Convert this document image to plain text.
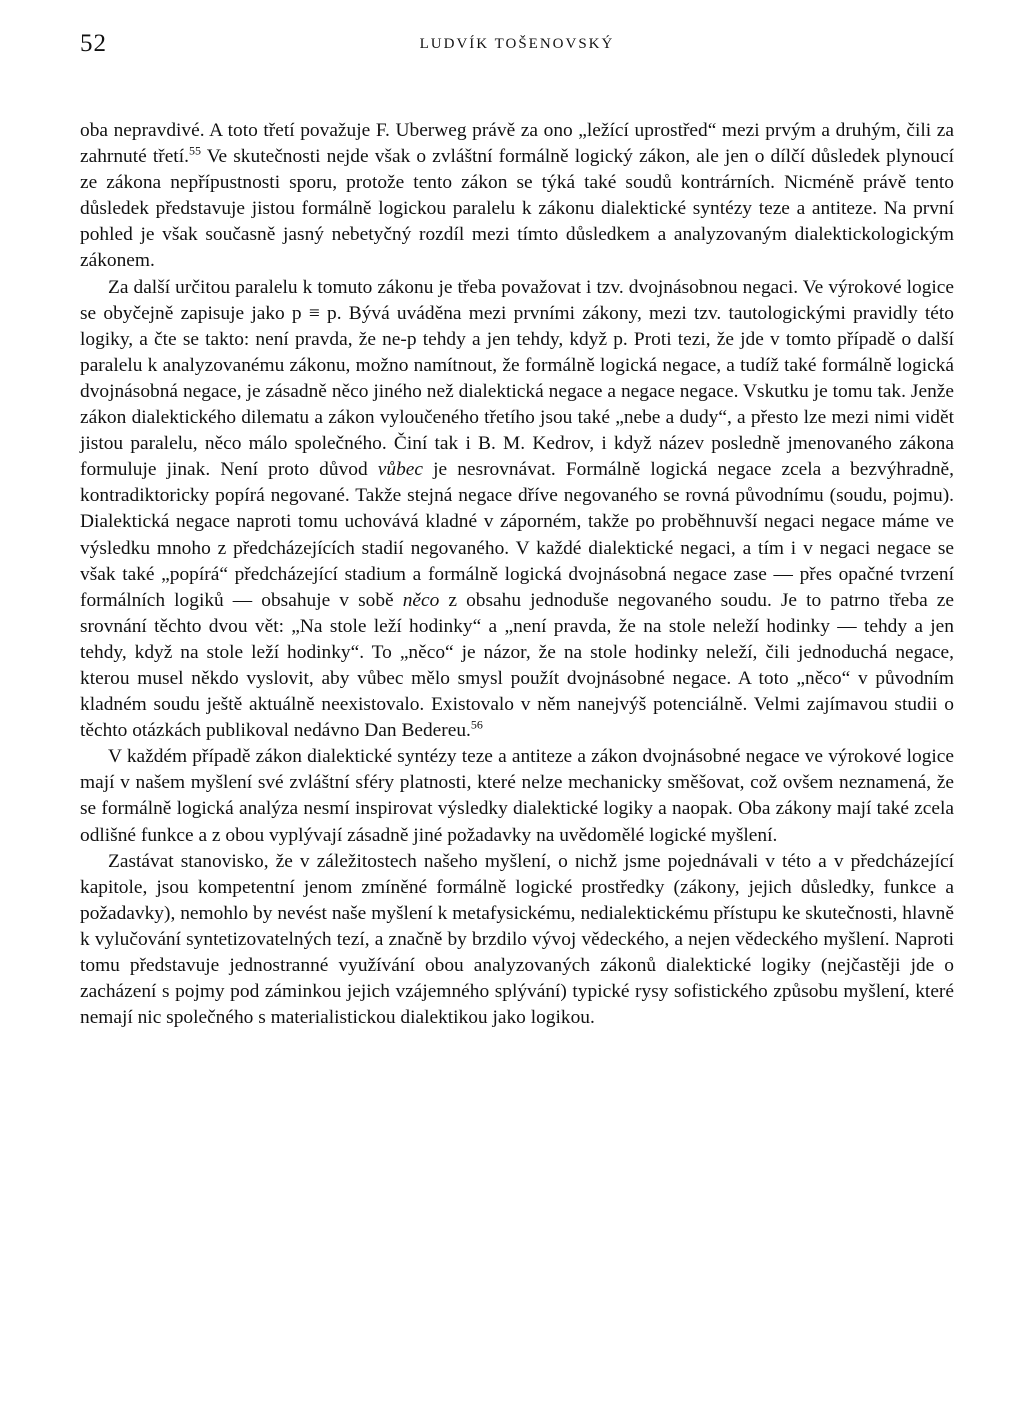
52	LUDVÍK TOŠENOVSKÝ

oba nepravdivé. A toto třetí považuje F. Uberweg právě za ono „ležící uprostřed“ mezi prvým a druhým, čili za zahrnuté třetí.$^{55}$ Ve skutečnosti nejde však o zvláštní formálně logický zákon, ale jen o dílčí důsledek plynoucí ze zákona nepřípustnosti sporu, protože tento zákon se týká také soudů kontrárních. Nicméně právě tento důsledek představuje jistou formálně logickou paralelu k zákonu dialektické syntézy teze a antiteze. Na první pohled je však současně jasný nebetyčný rozdíl mezi tímto důsledkem a analyzovaným dialektickologickým zákonem.

Za další určitou paralelu k tomuto zákonu je třeba považovat i tzv. dvojnásobnou negaci. Ve výrokové logice se obyčejně zapisuje jako p ≡ p. Bývá uváděna mezi prvními zákony, mezi tzv. tautologickými pravidly této logiky, a čte se takto: není pravda, že ne-p tehdy a jen tehdy, když p. Proti tezi, že jde v tomto případě o další paralelu k analyzovanému zákonu, možno namítnout, že formálně logická negace, a tudíž také formálně logická dvojnásobná negace, je zásadně něco jiného než dialektická negace a negace negace. Vskutku je tomu tak. Jenže zákon dialektického dilematu a zákon vyloučeného třetího jsou také „nebe a dudy“, a přesto lze mezi nimi vidět jistou paralelu, něco málo společného. Činí tak i B. M. Kedrov, i když název posledně jmenovaného zákona formuluje jinak. Není proto důvod vůbec je nesrovnávat. Formálně logická negace zcela a bezvýhradně, kontradiktoricky popírá negované. Takže stejná negace dříve negovaného se rovná původnímu (soudu, pojmu). Dialektická negace naproti tomu uchovává kladné v záporném, takže po proběhnuvší negaci negace máme ve výsledku mnoho z předcházejících stadií negovaného. V každé dialektické negaci, a tím i v negaci negace se však také „popírá“ předcházející stadium a formálně logická dvojnásobná negace zase — přes opačné tvrzení formálních logiků — obsahuje v sobě něco z obsahu jednoduše negovaného soudu. Je to patrno třeba ze srovnání těchto dvou vět: „Na stole leží hodinky“ a „není pravda, že na stole neleží hodinky — tehdy a jen tehdy, když na stole leží hodinky“. To „něco“ je názor, že na stole hodinky neleží, čili jednoduchá negace, kterou musel někdo vyslovit, aby vůbec mělo smysl použít dvojnásobné negace. A toto „něco“ v původním kladném soudu ještě aktuálně neexistovalo. Existovalo v něm nanejvýš potenciálně. Velmi zajímavou studii o těchto otázkách publikoval nedávno Dan Bedereu.$^{56}$

V každém případě zákon dialektické syntézy teze a antiteze a zákon dvojnásobné negace ve výrokové logice mají v našem myšlení své zvláštní sféry platnosti, které nelze mechanicky směšovat, což ovšem neznamená, že se formálně logická analýza nesmí inspirovat výsledky dialektické logiky a naopak. Oba zákony mají také zcela odlišné funkce a z obou vyplývají zásadně jiné požadavky na uvědomělé logické myšlení.

Zastávat stanovisko, že v záležitostech našeho myšlení, o nichž jsme pojednávali v této a v předcházející kapitole, jsou kompetentní jenom zmíněné formálně logické prostředky (zákony, jejich důsledky, funkce a požadavky), nemohlo by nevést naše myšlení k metafysickému, nedialektickému přístupu ke skutečnosti, hlavně k vylučování syntetizovatelných tezí, a značně by brzdilo vývoj vědeckého, a nejen vědeckého myšlení. Naproti tomu představuje jednostranné využívání obou analyzovaných zákonů dialektické logiky (nejčastěji jde o zacházení s pojmy pod záminkou jejich vzájemného splývání) typické rysy sofistického způsobu myšlení, které nemají nic společného s materialistickou dialektikou jako logikou.
